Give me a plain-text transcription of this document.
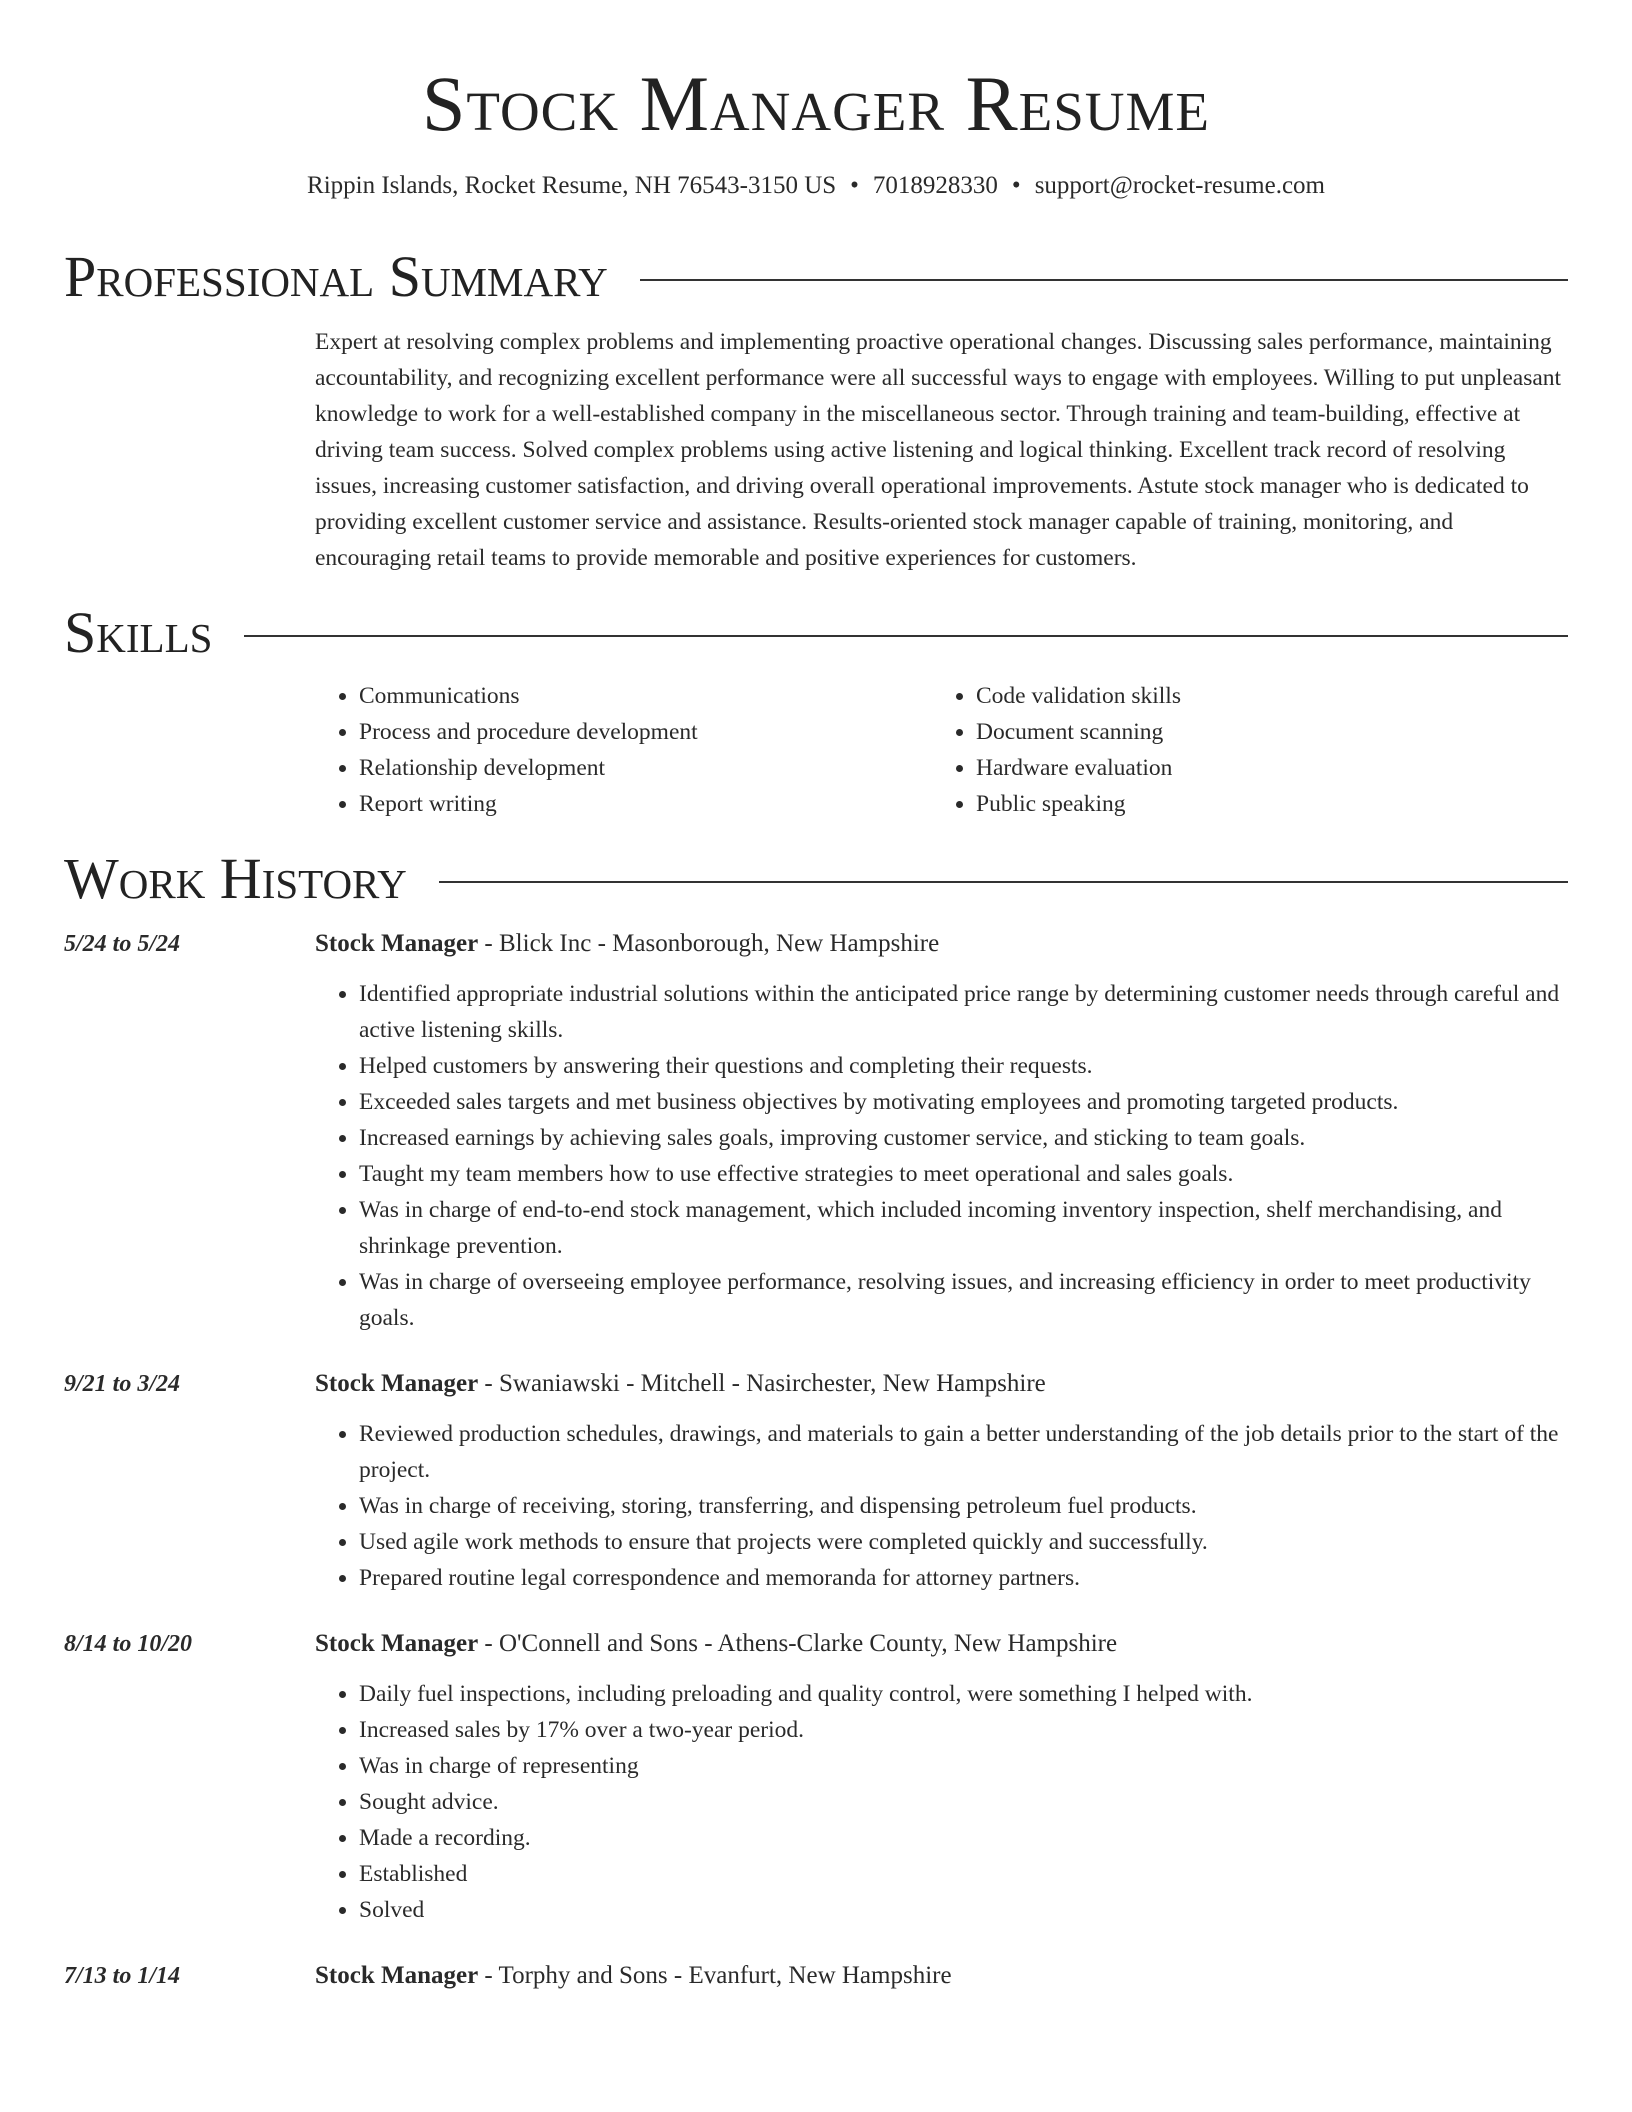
Stock Manager Resume
Rippin Islands, Rocket Resume, NH 76543-3150 US • 7018928330 • support@rocket-resume.com
Professional Summary
Expert at resolving complex problems and implementing proactive operational changes. Discussing sales performance, maintaining accountability, and recognizing excellent performance were all successful ways to engage with employees. Willing to put unpleasant knowledge to work for a well-established company in the miscellaneous sector. Through training and team-building, effective at driving team success. Solved complex problems using active listening and logical thinking. Excellent track record of resolving issues, increasing customer satisfaction, and driving overall operational improvements. Astute stock manager who is dedicated to providing excellent customer service and assistance. Results-oriented stock manager capable of training, monitoring, and encouraging retail teams to provide memorable and positive experiences for customers.
Skills
• Communications
• Process and procedure development
• Relationship development
• Report writing
• Code validation skills
• Document scanning
• Hardware evaluation
• Public speaking
Work History
5/24 to 5/24	Stock Manager - Blick Inc - Masonborough, New Hampshire
• Identified appropriate industrial solutions within the anticipated price range by determining customer needs through careful and active listening skills.
• Helped customers by answering their questions and completing their requests.
• Exceeded sales targets and met business objectives by motivating employees and promoting targeted products.
• Increased earnings by achieving sales goals, improving customer service, and sticking to team goals.
• Taught my team members how to use effective strategies to meet operational and sales goals.
• Was in charge of end-to-end stock management, which included incoming inventory inspection, shelf merchandising, and shrinkage prevention.
• Was in charge of overseeing employee performance, resolving issues, and increasing efficiency in order to meet productivity goals.
9/21 to 3/24	Stock Manager - Swaniawski - Mitchell - Nasirchester, New Hampshire
• Reviewed production schedules, drawings, and materials to gain a better understanding of the job details prior to the start of the project.
• Was in charge of receiving, storing, transferring, and dispensing petroleum fuel products.
• Used agile work methods to ensure that projects were completed quickly and successfully.
• Prepared routine legal correspondence and memoranda for attorney partners.
8/14 to 10/20	Stock Manager - O'Connell and Sons - Athens-Clarke County, New Hampshire
• Daily fuel inspections, including preloading and quality control, were something I helped with.
• Increased sales by 17% over a two-year period.
• Was in charge of representing
• Sought advice.
• Made a recording.
• Established
• Solved
7/13 to 1/14	Stock Manager - Torphy and Sons - Evanfurt, New Hampshire
